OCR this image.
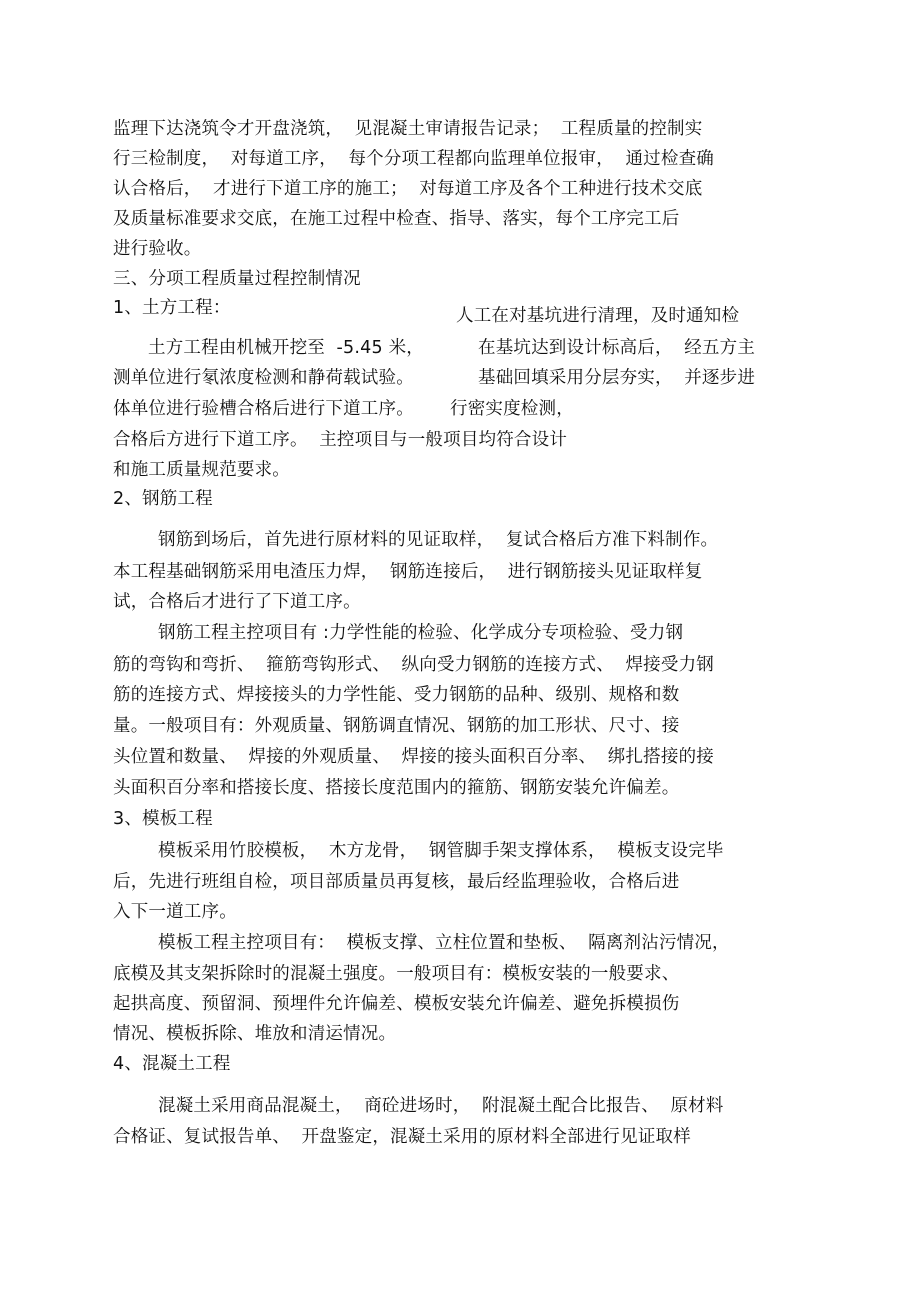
监理下达浇筑令才开盘浇筑，  见混凝土审请报告记录；  工程质量的控制实
行三检制度，  对每道工序，  每个分项工程都向监理单位报审，  通过检查确
认合格后，  才进行下道工序的施工；  对每道工序及各个工种进行技术交底
及质量标准要求交底，在施工过程中检查、指导、落实，每个工序完工后
进行验收。
三、分项工程质量过程控制情况
1、土方工程：	人工在对基坑进行清理，及时通知检
土方工程由机械开挖至  -5.45 米，	在基坑达到设计标高后，  经五方主
测单位进行氡浓度检测和静荷载试验。	基础回填采用分层夯实，  并逐步进
体单位进行验槽合格后进行下道工序。 行密实度检测，
合格后方进行下道工序。  主控项目与一般项目均符合设计
和施工质量规范要求。
2、钢筋工程
钢筋到场后，首先进行原材料的见证取样，  复试合格后方准下料制作。
本工程基础钢筋采用电渣压力焊，  钢筋连接后，  进行钢筋接头见证取样复
试，合格后才进行了下道工序。
钢筋工程主控项目有 :力学性能的检验、化学成分专项检验、受力钢
筋的弯钩和弯折、  箍筋弯钩形式、  纵向受力钢筋的连接方式、  焊接受力钢
筋的连接方式、焊接接头的力学性能、受力钢筋的品种、级别、规格和数
量。一般项目有：外观质量、钢筋调直情况、钢筋的加工形状、尺寸、接
头位置和数量、  焊接的外观质量、  焊接的接头面积百分率、  绑扎搭接的接
头面积百分率和搭接长度、搭接长度范围内的箍筋、钢筋安装允许偏差。
3、模板工程
模板采用竹胶模板，  木方龙骨，  钢管脚手架支撑体系，  模板支设完毕
后，先进行班组自检，项目部质量员再复核，最后经监理验收，合格后进
入下一道工序。
模板工程主控项目有：  模板支撑、立柱位置和垫板、  隔离剂沾污情况，
底模及其支架拆除时的混凝土强度。一般项目有：模板安装的一般要求、
起拱高度、预留洞、预埋件允许偏差、模板安装允许偏差、避免拆模损伤
情况、模板拆除、堆放和清运情况。
4、混凝土工程
混凝土采用商品混凝土，  商砼进场时，  附混凝土配合比报告、  原材料
合格证、复试报告单、  开盘鉴定，混凝土采用的原材料全部进行见证取样
